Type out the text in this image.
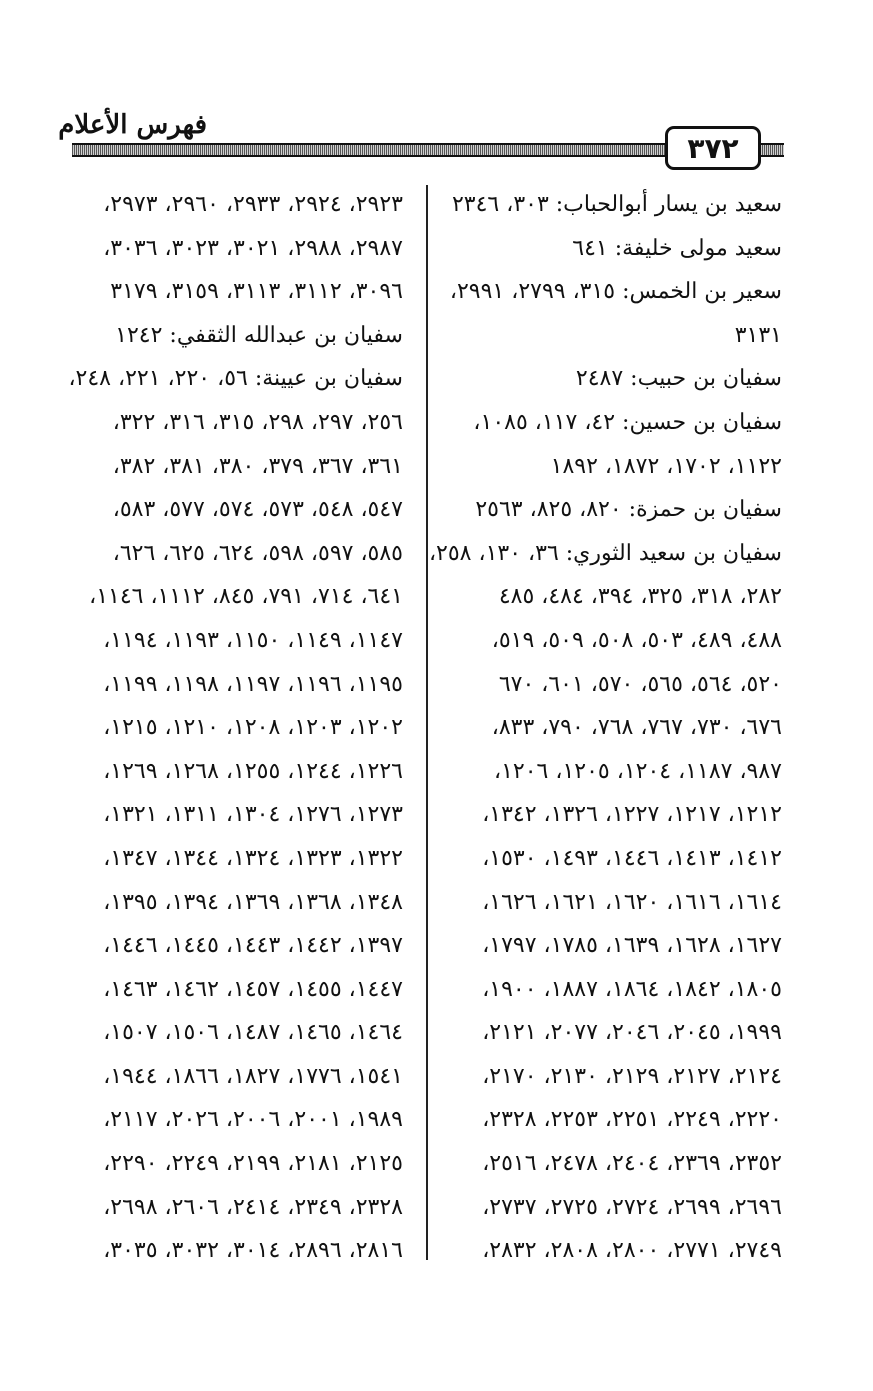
فهرس الأعلام
٣٧٢
سعيد بن يسار أبوالحباب: ٣٠٣، ٢٣٤٦
سعيد مولى خليفة: ٦٤١
سعير بن الخمس: ٣١٥، ٢٧٩٩، ٢٩٩١،
٣١٣١
سفيان بن حبيب: ٢٤٨٧
سفيان بن حسين: ٤٢، ١١٧، ١٠٨٥،
١١٢٢، ١٧٠٢، ١٨٧٢، ١٨٩٢
سفيان بن حمزة: ٨٢٠، ٨٢٥، ٢٥٦٣
سفيان بن سعيد الثوري: ٣٦، ١٣٠، ٢٥٨،
٢٨٢، ٣١٨، ٣٢٥، ٣٩٤، ٤٨٤، ٤٨٥
٤٨٨، ٤٨٩، ٥٠٣، ٥٠٨، ٥٠٩، ٥١٩،
٥٢٠، ٥٦٤، ٥٦٥، ٥٧٠، ٦٠١، ٦٧٠
٦٧٦، ٧٣٠، ٧٦٧، ٧٦٨، ٧٩٠، ٨٣٣،
٩٨٧، ١١٨٧، ١٢٠٤، ١٢٠٥، ١٢٠٦،
١٢١٢، ١٢١٧، ١٢٢٧، ١٣٢٦، ١٣٤٢،
١٤١٢، ١٤١٣، ١٤٤٦، ١٤٩٣، ١٥٣٠،
١٦١٤، ١٦١٦، ١٦٢٠، ١٦٢١، ١٦٢٦،
١٦٢٧، ١٦٢٨، ١٦٣٩، ١٧٨٥، ١٧٩٧،
١٨٠٥، ١٨٤٢، ١٨٦٤، ١٨٨٧، ١٩٠٠،
١٩٩٩، ٢٠٤٥، ٢٠٤٦، ٢٠٧٧، ٢١٢١،
٢١٢٤، ٢١٢٧، ٢١٢٩، ٢١٣٠، ٢١٧٠،
٢٢٢٠، ٢٢٤٩، ٢٢٥١، ٢٢٥٣، ٢٣٢٨،
٢٣٥٢، ٢٣٦٩، ٢٤٠٤، ٢٤٧٨، ٢٥١٦،
٢٦٩٦، ٢٦٩٩، ٢٧٢٤، ٢٧٢٥، ٢٧٣٧،
٢٧٤٩، ٢٧٧١، ٢٨٠٠، ٢٨٠٨، ٢٨٣٢،
٢٩٢٣، ٢٩٢٤، ٢٩٣٣، ٢٩٦٠، ٢٩٧٣،
٢٩٨٧، ٢٩٨٨، ٣٠٢١، ٣٠٢٣، ٣٠٣٦،
٣٠٩٦، ٣١١٢، ٣١١٣، ٣١٥٩، ٣١٧٩
سفيان بن عبدالله الثقفي: ١٢٤٢
سفيان بن عيينة: ٥٦، ٢٢٠، ٢٢١، ٢٤٨،
٢٥٦، ٢٩٧، ٢٩٨، ٣١٥، ٣١٦، ٣٢٢،
٣٦١، ٣٦٧، ٣٧٩، ٣٨٠، ٣٨١، ٣٨٢،
٥٤٧، ٥٤٨، ٥٧٣، ٥٧٤، ٥٧٧، ٥٨٣،
٥٨٥، ٥٩٧، ٥٩٨، ٦٢٤، ٦٢٥، ٦٢٦،
٦٤١، ٧١٤، ٧٩١، ٨٤٥، ١١١٢، ١١٤٦،
١١٤٧، ١١٤٩، ١١٥٠، ١١٩٣، ١١٩٤،
١١٩٥، ١١٩٦، ١١٩٧، ١١٩٨، ١١٩٩،
١٢٠٢، ١٢٠٣، ١٢٠٨، ١٢١٠، ١٢١٥،
١٢٢٦، ١٢٤٤، ١٢٥٥، ١٢٦٨، ١٢٦٩،
١٢٧٣، ١٢٧٦، ١٣٠٤، ١٣١١، ١٣٢١،
١٣٢٢، ١٣٢٣، ١٣٢٤، ١٣٤٤، ١٣٤٧،
١٣٤٨، ١٣٦٨، ١٣٦٩، ١٣٩٤، ١٣٩٥،
١٣٩٧، ١٤٤٢، ١٤٤٣، ١٤٤٥، ١٤٤٦،
١٤٤٧، ١٤٥٥، ١٤٥٧، ١٤٦٢، ١٤٦٣،
١٤٦٤، ١٤٦٥، ١٤٨٧، ١٥٠٦، ١٥٠٧،
١٥٤١، ١٧٧٦، ١٨٢٧، ١٨٦٦، ١٩٤٤،
١٩٨٩، ٢٠٠١، ٢٠٠٦، ٢٠٢٦، ٢١١٧،
٢١٢٥، ٢١٨١، ٢١٩٩، ٢٢٤٩، ٢٢٩٠،
٢٣٢٨، ٢٣٤٩، ٢٤١٤، ٢٦٠٦، ٢٦٩٨،
٢٨١٦، ٢٨٩٦، ٣٠١٤، ٣٠٣٢، ٣٠٣٥،
